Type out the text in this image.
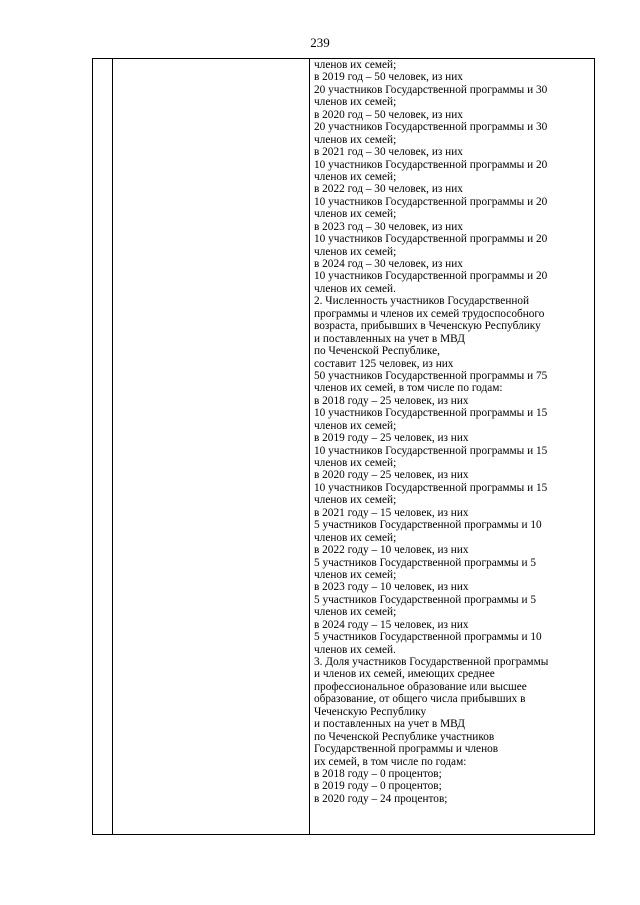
239
членов их семей;
в 2019 год – 50 человек, из них
20 участников Государственной программы и 30
членов их семей;
в 2020 год – 50 человек, из них
20 участников Государственной программы и 30
членов их семей;
в 2021 год – 30 человек, из них
10 участников Государственной программы и 20
членов их семей;
в 2022 год – 30 человек, из них
10 участников Государственной программы и 20
членов их семей;
в 2023 год – 30 человек, из них
10 участников Государственной программы и 20
членов их семей;
в 2024 год – 30 человек, из них
10 участников Государственной программы и 20
членов их семей.
2. Численность участников Государственной
программы и членов их семей трудоспособного
возраста, прибывших в Чеченскую Республику
и поставленных на учет в МВД
по Чеченской Республике,
составит 125 человек, из них
50 участников Государственной программы и 75
членов их семей, в том числе по годам:
в 2018 году – 25 человек, из них
10 участников Государственной программы и 15
членов их семей;
в 2019 году – 25 человек, из них
10 участников Государственной программы и 15
членов их семей;
в 2020 году – 25 человек, из них
10 участников Государственной программы и 15
членов их семей;
в 2021 году – 15 человек, из них
5 участников Государственной программы и 10
членов их семей;
в 2022 году – 10 человек, из них
5 участников Государственной программы и 5
членов их семей;
в 2023 году – 10 человек, из них
5 участников Государственной программы и 5
членов их семей;
в 2024 году – 15 человек, из них
5 участников Государственной программы и 10
членов их семей.
3. Доля участников Государственной программы
и членов их семей, имеющих среднее
профессиональное образование или высшее
образование, от общего числа прибывших в
Чеченскую Республику
и поставленных на учет в МВД
по Чеченской Республике участников
Государственной программы и членов
их семей, в том числе по годам:
в 2018 году – 0 процентов;
в 2019 году – 0 процентов;
в 2020 году – 24 процентов;
